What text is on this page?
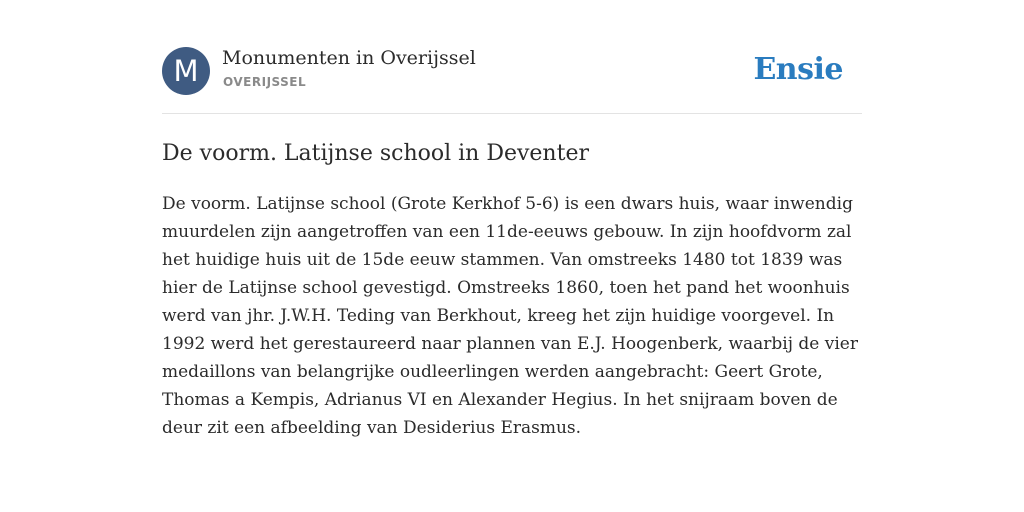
M	Monumenten in Overijssel
OVERIJSSEL	Ensie
De voorm. Latijnse school in Deventer
De voorm. Latijnse school (Grote Kerkhof 5-6) is een dwars huis, waar inwendig
muurdelen zijn aangetroffen van een 11de-eeuws gebouw. In zijn hoofdvorm zal
het huidige huis uit de 15de eeuw stammen. Van omstreeks 1480 tot 1839 was
hier de Latijnse school gevestigd. Omstreeks 1860, toen het pand het woonhuis
werd van jhr. J.W.H. Teding van Berkhout, kreeg het zijn huidige voorgevel. In
1992 werd het gerestaureerd naar plannen van E.J. Hoogenberk, waarbij de vier
medaillons van belangrijke oudleerlingen werden aangebracht: Geert Grote,
Thomas a Kempis, Adrianus VI en Alexander Hegius. In het snijraam boven de
deur zit een afbeelding van Desiderius Erasmus.
